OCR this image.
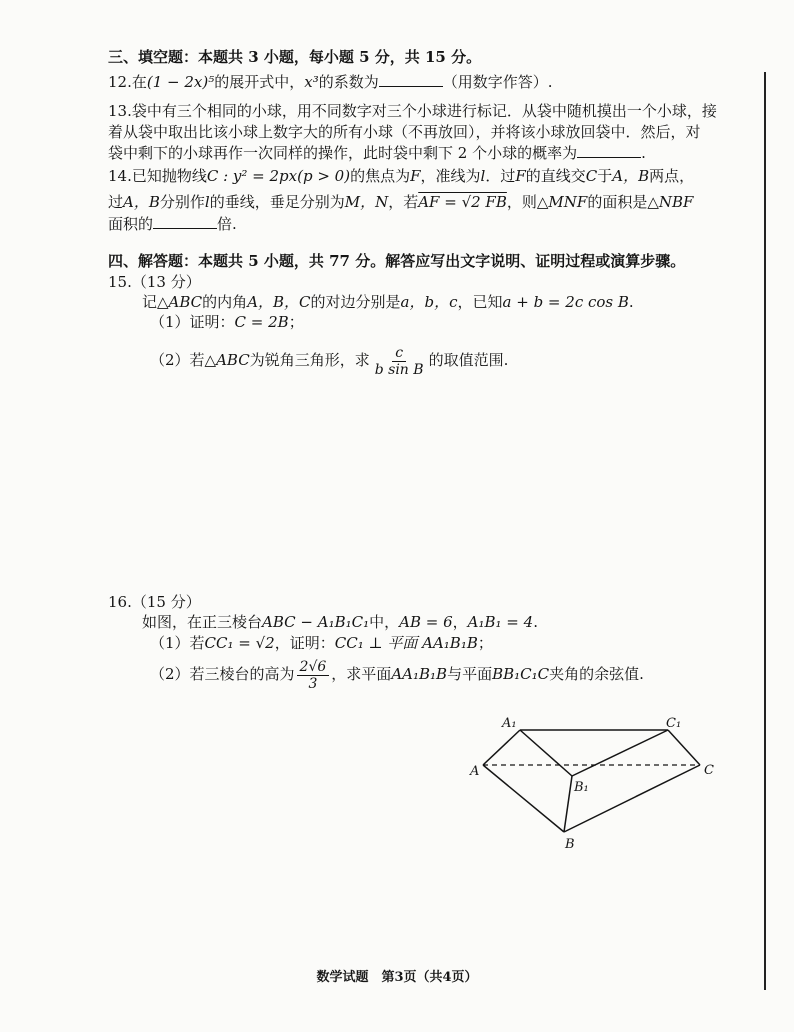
三、填空题：本题共 3 小题，每小题 5 分，共 15 分。
12.在(1 − 2x)⁵的展开式中，x³的系数为	（用数字作答）.
13.袋中有三个相同的小球，用不同数字对三个小球进行标记．从袋中随机摸出一个小球，接
着从袋中取出比该小球上数字大的所有小球（不再放回），并将该小球放回袋中．然后，对
袋中剩下的小球再作一次同样的操作，此时袋中剩下 2 个小球的概率为	.
14.已知抛物线C : y² = 2px(p > 0)的焦点为F，准线为l．过F的直线交C于A，B两点，
过A，B分别作l的垂线，垂足分别为M，N，若AF = √2 FB，则△MNF的面积是△NBF
面积的	倍.
四、解答题：本题共 5 小题，共 77 分。解答应写出文字说明、证明过程或演算步骤。
15.（13 分）
记△ABC的内角A，B，C的对边分别是a，b，c，已知a + b = 2c cos B.
（1）证明：C = 2B；
（2）若△ABC为锐角三角形，求 $\frac{c}{\text{b sin B}}$ 的取值范围.
16.（15 分）
如图，在正三棱台ABC − A₁B₁C₁中，AB = 6，A₁B₁ = 4.
（1）若CC₁ = √2，证明：CC₁ ⊥ 平面 AA₁B₁B；
（2）若三棱台的高为 $\frac{2√6}{3}$ ，求平面AA₁B₁B与平面BB₁C₁C夹角的余弦值.
A₁	C₁
A	C
B₁
B
数学试题　第3页（共4页）
